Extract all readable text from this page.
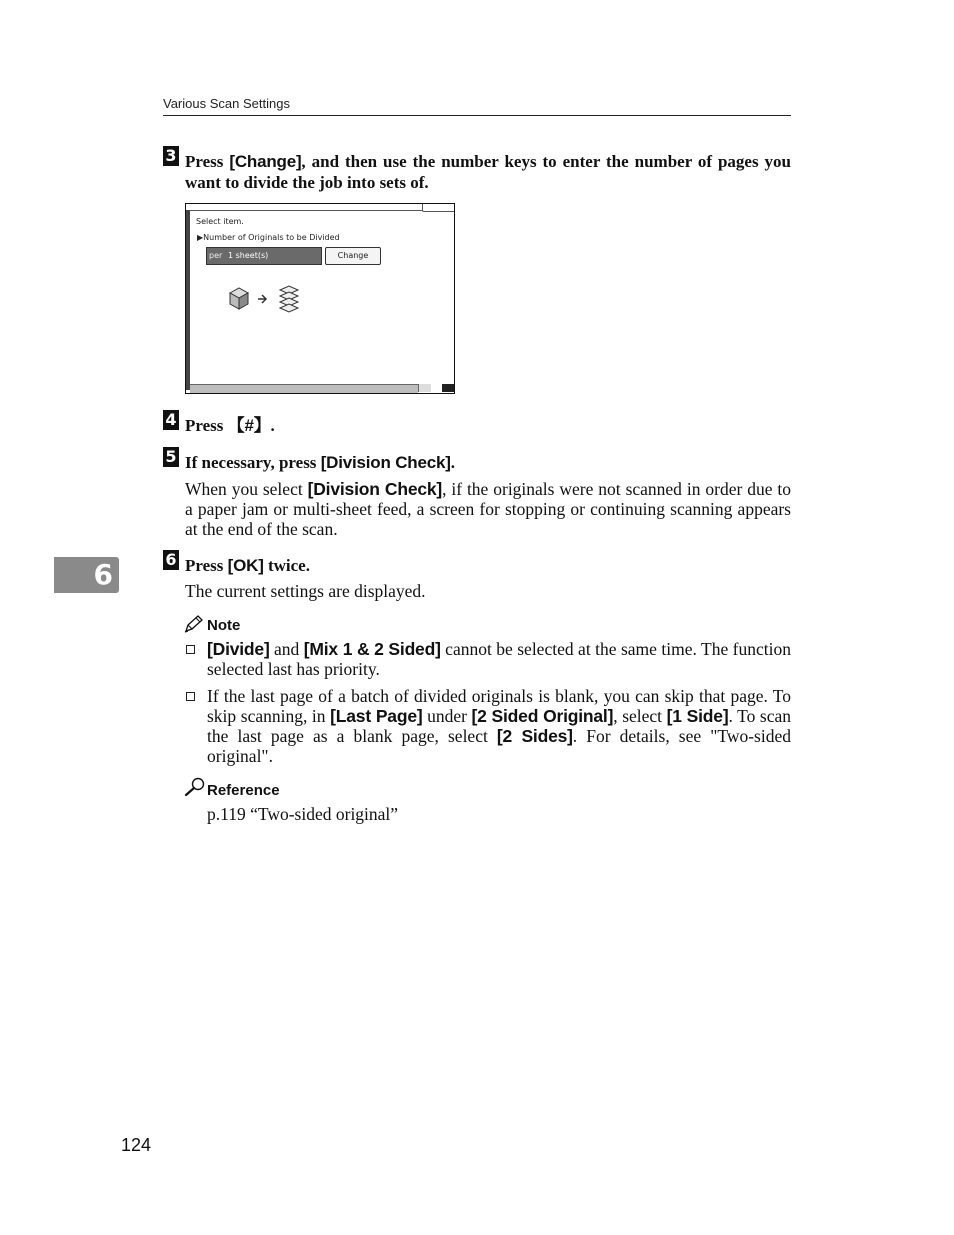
Various Scan Settings
6
3 Press [Change], and then use the number keys to enter the number of pages you want to divide the job into sets of.
Select item.
▶Number of Originals to be Divided
per 1 sheet(s)	Change
4 Press 【#】.
5 If necessary, press [Division Check].
When you select [Division Check], if the originals were not scanned in order due to a paper jam or multi-sheet feed, a screen for stopping or continuing scanning appears at the end of the scan.
6 Press [OK] twice.
The current settings are displayed.
Note
[Divide] and [Mix 1 & 2 Sided] cannot be selected at the same time. The function selected last has priority.
If the last page of a batch of divided originals is blank, you can skip that page. To skip scanning, in [Last Page] under [2 Sided Original], select [1 Side]. To scan the last page as a blank page, select [2 Sides]. For details, see "Two-sided original".
Reference
p.119 “Two-sided original”
124
